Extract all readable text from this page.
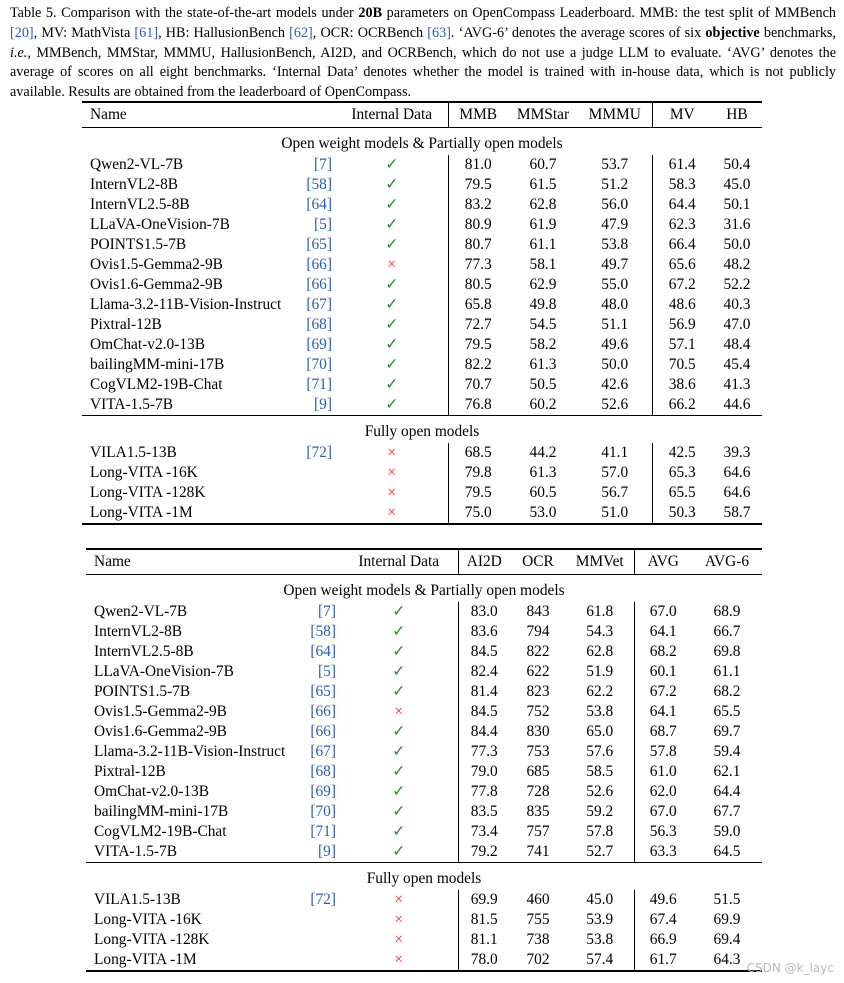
Table 5. Comparison with the state-of-the-art models under 20B parameters on OpenCompass Leaderboard. MMB: the test split of MMBench [20], MV: MathVista [61], HB: HallusionBench [62], OCR: OCRBench [63]. ‘AVG-6’ denotes the average scores of six objective benchmarks, i.e., MMBench, MMStar, MMMU, HallusionBench, AI2D, and OCRBench, which do not use a judge LLM to evaluate. ‘AVG’ denotes the average of scores on all eight benchmarks. ‘Internal Data’ denotes whether the model is trained with in-house data, which is not publicly available. Results are obtained from the leaderboard of OpenCompass.
Name		Internal Data	MMB	MMStar	MMMU	MV	HB
Open weight models & Partially open models							
Qwen2-VL-7B	[7]	✓	81.0	60.7	53.7	61.4	50.4
InternVL2-8B	[58]	✓	79.5	61.5	51.2	58.3	45.0
InternVL2.5-8B	[64]	✓	83.2	62.8	56.0	64.4	50.1
LLaVA-OneVision-7B	[5]	✓	80.9	61.9	47.9	62.3	31.6
POINTS1.5-7B	[65]	✓	80.7	61.1	53.8	66.4	50.0
Ovis1.5-Gemma2-9B	[66]	×	77.3	58.1	49.7	65.6	48.2
Ovis1.6-Gemma2-9B	[66]	✓	80.5	62.9	55.0	67.2	52.2
Llama-3.2-11B-Vision-Instruct	[67]	✓	65.8	49.8	48.0	48.6	40.3
Pixtral-12B	[68]	✓	72.7	54.5	51.1	56.9	47.0
OmChat-v2.0-13B	[69]	✓	79.5	58.2	49.6	57.1	48.4
bailingMM-mini-17B	[70]	✓	82.2	61.3	50.0	70.5	45.4
CogVLM2-19B-Chat	[71]	✓	70.7	50.5	42.6	38.6	41.3
VITA-1.5-7B	[9]	✓	76.8	60.2	52.6	66.2	44.6
Fully open models							
VILA1.5-13B	[72]	×	68.5	44.2	41.1	42.5	39.3
Long-VITA -16K		×	79.8	61.3	57.0	65.3	64.6
Long-VITA -128K		×	79.5	60.5	56.7	65.5	64.6
Long-VITA -1M		×	75.0	53.0	51.0	50.3	58.7
Name		Internal Data	AI2D	OCR	MMVet	AVG	AVG-6
Open weight models & Partially open models							
Qwen2-VL-7B	[7]	✓	83.0	843	61.8	67.0	68.9
InternVL2-8B	[58]	✓	83.6	794	54.3	64.1	66.7
InternVL2.5-8B	[64]	✓	84.5	822	62.8	68.2	69.8
LLaVA-OneVision-7B	[5]	✓	82.4	622	51.9	60.1	61.1
POINTS1.5-7B	[65]	✓	81.4	823	62.2	67.2	68.2
Ovis1.5-Gemma2-9B	[66]	×	84.5	752	53.8	64.1	65.5
Ovis1.6-Gemma2-9B	[66]	✓	84.4	830	65.0	68.7	69.7
Llama-3.2-11B-Vision-Instruct	[67]	✓	77.3	753	57.6	57.8	59.4
Pixtral-12B	[68]	✓	79.0	685	58.5	61.0	62.1
OmChat-v2.0-13B	[69]	✓	77.8	728	52.6	62.0	64.4
bailingMM-mini-17B	[70]	✓	83.5	835	59.2	67.0	67.7
CogVLM2-19B-Chat	[71]	✓	73.4	757	57.8	56.3	59.0
VITA-1.5-7B	[9]	✓	79.2	741	52.7	63.3	64.5
Fully open models							
VILA1.5-13B	[72]	×	69.9	460	45.0	49.6	51.5
Long-VITA -16K		×	81.5	755	53.9	67.4	69.9
Long-VITA -128K		×	81.1	738	53.8	66.9	69.4
Long-VITA -1M		×	78.0	702	57.4	61.7	64.3 CSDN @k_layc
